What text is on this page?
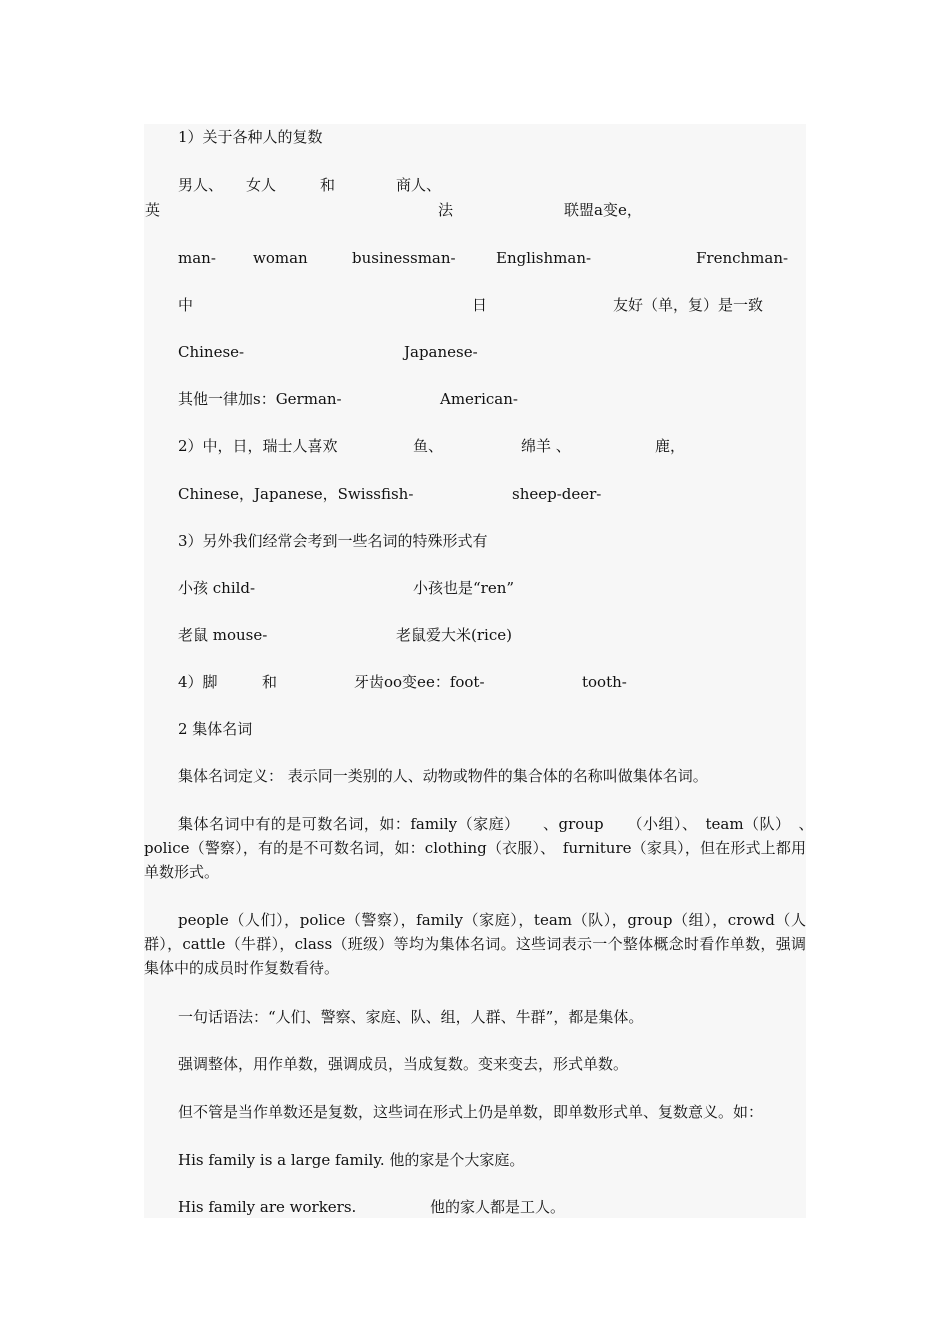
1）关于各种人的复数
男人、 女人	和	商人、
英	法	联盟a变e，
man- woman	businessman-	Englishman-	Frenchman-
中	日	友好（单，复）是一致
Chinese-	Japanese-
其他一律加s：German-	American-
2）中，日，瑞士人喜欢	鱼、	绵羊 、	鹿，
Chinese，Japanese，Swissfish-	sheep-deer-
3）另外我们经常会考到一些名词的特殊形式有
小孩 child-	小孩也是“ren”
老鼠 mouse-	老鼠爱大米(rice)
4）脚	和	牙齿oo变ee：foot-	tooth-
2 集体名词
集体名词定义： 表示同一类别的人、动物或物件的集合体的名称叫做集体名词。
集体名词中有的是可数名词，如：family（家庭）　　、group　　（小组）、　team（队）　、　　police（警察），有的是不可数名词，如：clothing（衣服）、　furniture（家具），但在形式上都用单数形式。
people（人们），police（警察），family（家庭），team（队），group（组），crowd（人群），cattle（牛群），class（班级）等均为集体名词。这些词表示一个整体概念时看作单数，强调集体中的成员时作复数看待。
一句话语法：“人们、警察、家庭、队、组，人群、牛群”，都是集体。
强调整体，用作单数，强调成员，当成复数。变来变去，形式单数。
但不管是当作单数还是复数，这些词在形式上仍是单数，即单数形式单、复数意义。如：
His family is a large family. 他的家是个大家庭。
His family are workers.	他的家人都是工人。
